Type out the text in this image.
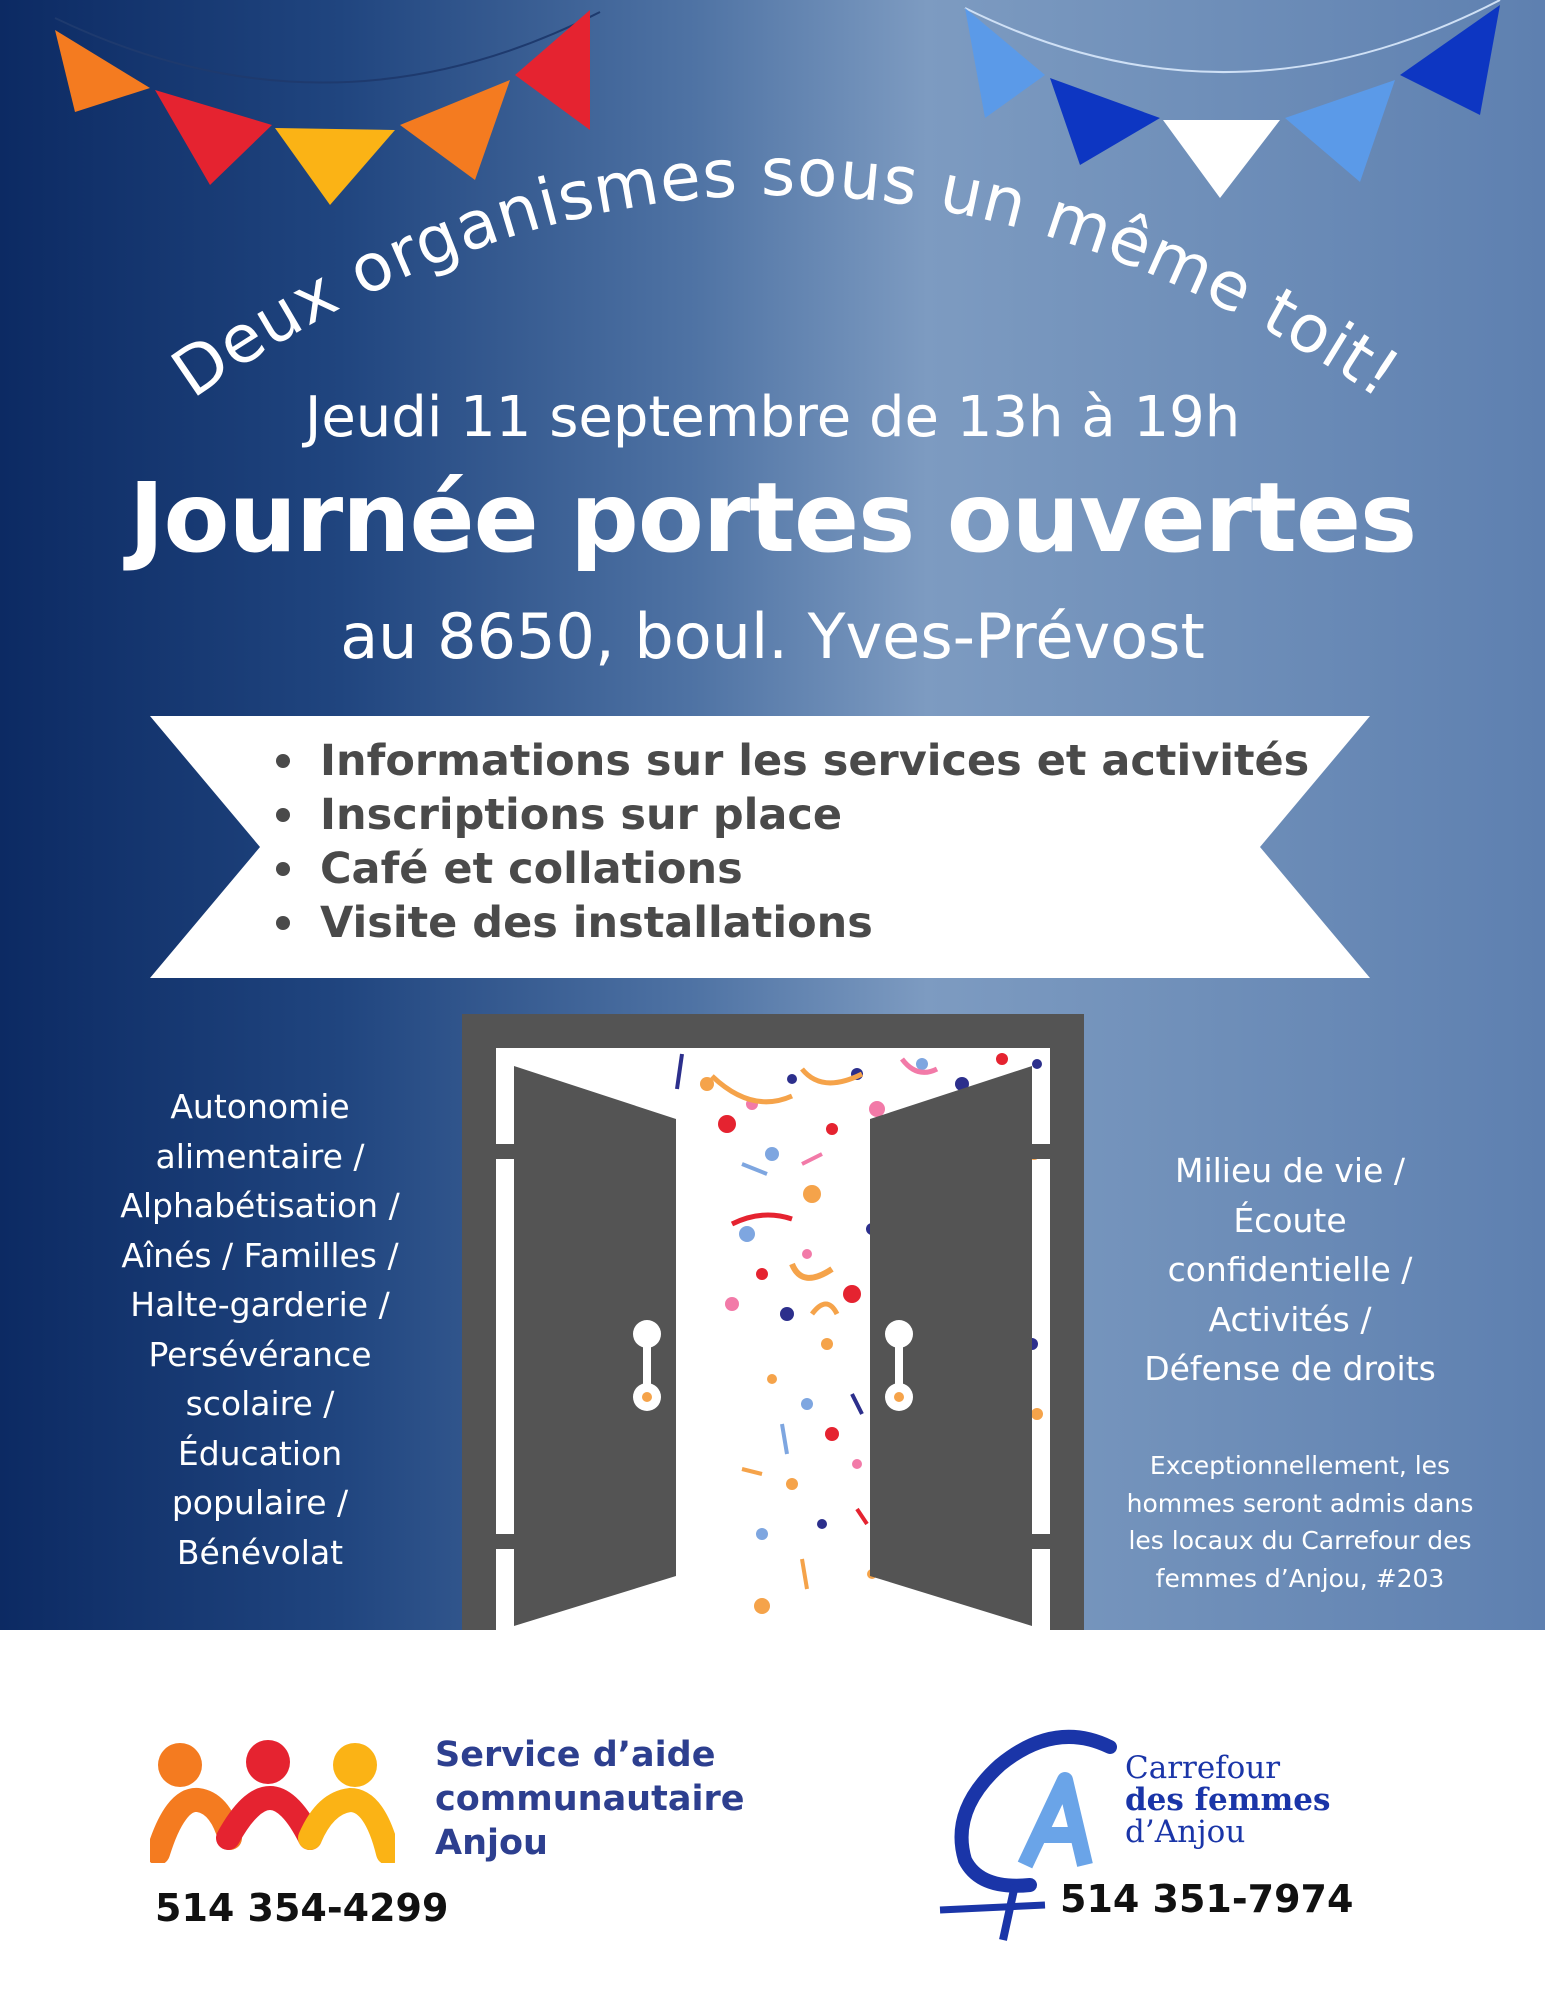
Deux organismes sous un même toit!
Jeudi 11 septembre de 13h à 19h
Journée portes ouvertes
au 8650, boul. Yves-Prévost
Informations sur les services et activités
Inscriptions sur place
Café et collations
Visite des installations
Autonomie
alimentaire /
Alphabétisation /
Aînés / Familles /
Halte-garderie /
Persévérance
scolaire /
Éducation
populaire /
Bénévolat
Milieu de vie /
Écoute
confidentielle /
Activités /
Défense de droits
Exceptionnellement, les
hommes seront admis dans
les locaux du Carrefour des
femmes d’Anjou, #203
Service d’aide
communautaire
Anjou
514 354-4299
Carrefour
des femmes
d’Anjou
514 351-7974
